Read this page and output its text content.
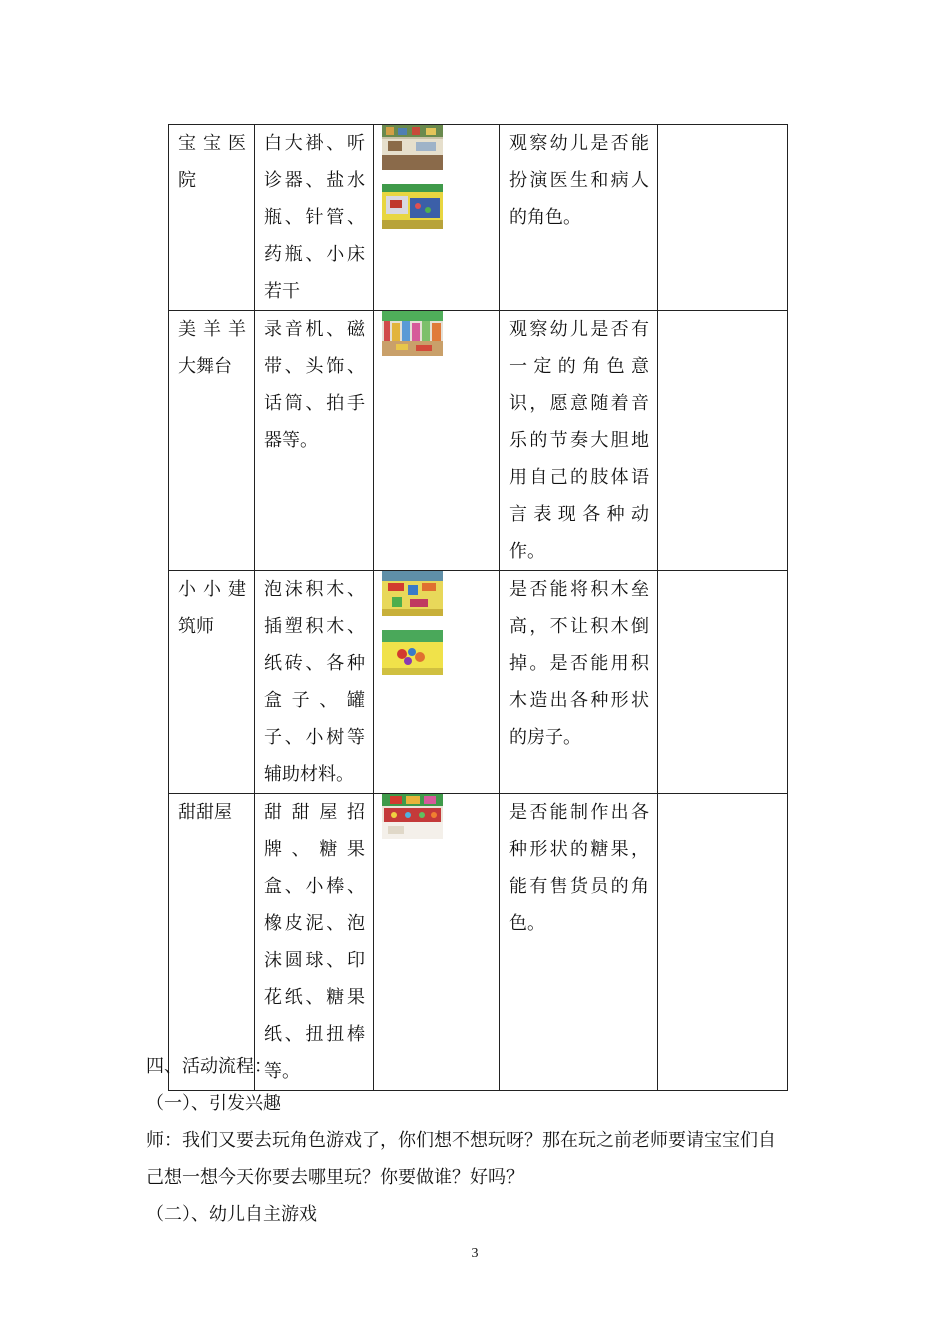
宝宝医院	白大褂、听诊器、盐水瓶、针管、药瓶、小床若干		观察幼儿是否能扮演医生和病人的角色。	

美羊羊大舞台	录音机、磁带、头饰、话筒、拍手器等。		观察幼儿是否有一定的角色意识，愿意随着音乐的节奏大胆地用自己的肢体语言表现各种动作。	

小小建筑师	泡沫积木、插塑积木、纸砖、各种盒子、罐子、小树等辅助材料。		是否能将积木垒高，不让积木倒掉。是否能用积木造出各种形状的房子。	

甜甜屋	甜甜屋招牌、糖果盒、小棒、橡皮泥、泡沫圆球、印花纸、糖果纸、扭扭棒等。		是否能制作出各种形状的糖果，能有售货员的角色。	

四、活动流程：
（一）、引发兴趣
师：我们又要去玩角色游戏了，你们想不想玩呀？那在玩之前老师要请宝宝们自
己想一想今天你要去哪里玩？你要做谁？好吗？
（二）、幼儿自主游戏
3
